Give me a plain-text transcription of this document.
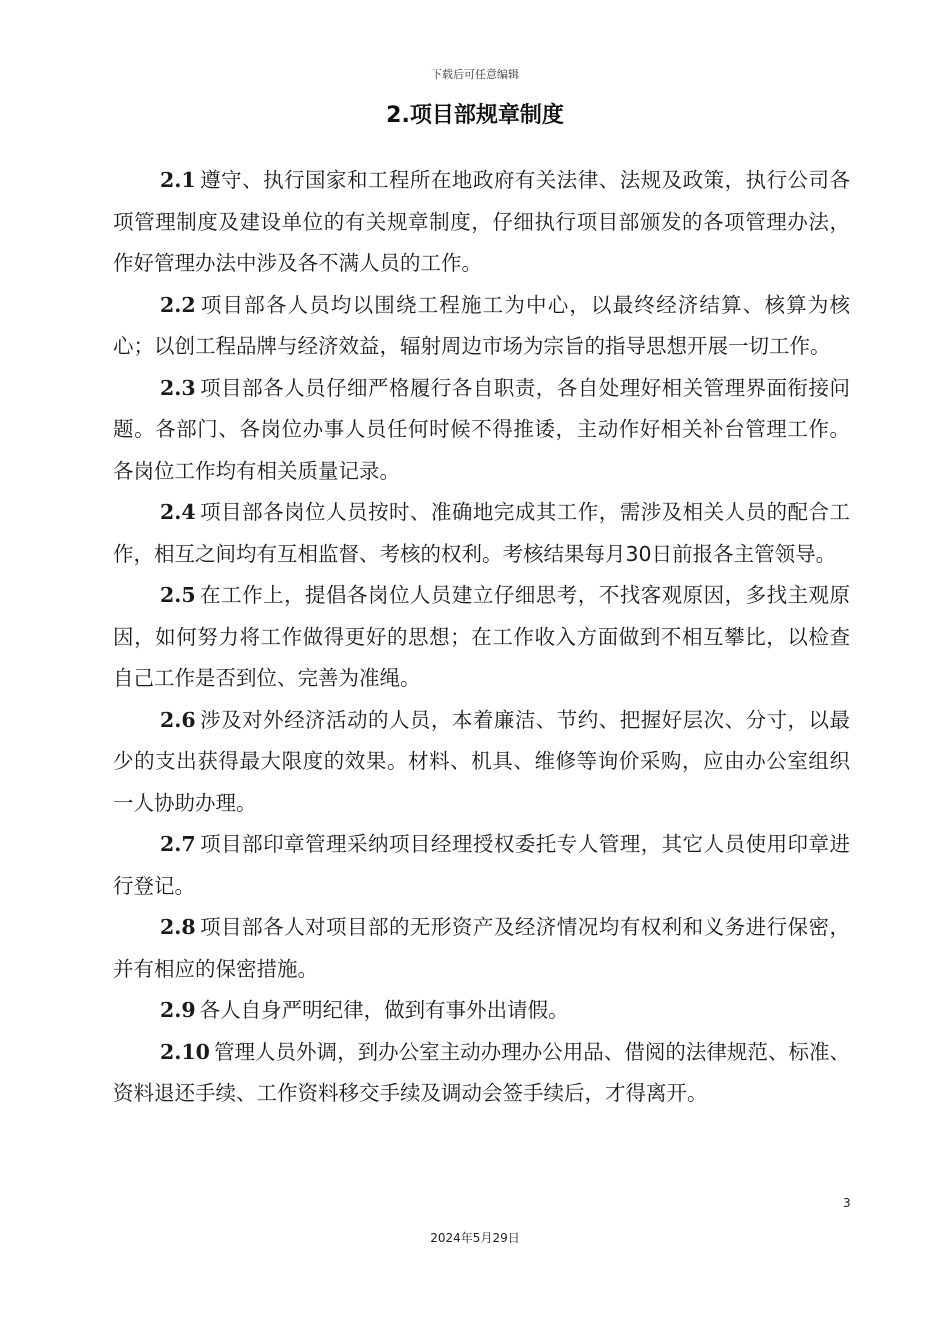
下载后可任意编辑
2.项目部规章制度

2.1 遵守、执行国家和工程所在地政府有关法律、法规及政策，执行公司各项管理制度及建设单位的有关规章制度，仔细执行项目部颁发的各项管理办法，作好管理办法中涉及各不满人员的工作。

2.2 项目部各人员均以围绕工程施工为中心，以最终经济结算、核算为核心；以创工程品牌与经济效益，辐射周边市场为宗旨的指导思想开展一切工作。

2.3 项目部各人员仔细严格履行各自职责，各自处理好相关管理界面衔接问题。各部门、各岗位办事人员任何时候不得推诿，主动作好相关补台管理工作。各岗位工作均有相关质量记录。

2.4 项目部各岗位人员按时、准确地完成其工作，需涉及相关人员的配合工作，相互之间均有互相监督、考核的权利。考核结果每月30日前报各主管领导。

2.5 在工作上，提倡各岗位人员建立仔细思考，不找客观原因，多找主观原因，如何努力将工作做得更好的思想；在工作收入方面做到不相互攀比，以检查自己工作是否到位、完善为准绳。

2.6 涉及对外经济活动的人员，本着廉洁、节约、把握好层次、分寸，以最少的支出获得最大限度的效果。材料、机具、维修等询价采购，应由办公室组织一人协助办理。

2.7 项目部印章管理采纳项目经理授权委托专人管理，其它人员使用印章进行登记。

2.8 项目部各人对项目部的无形资产及经济情况均有权利和义务进行保密，并有相应的保密措施。

2.9 各人自身严明纪律，做到有事外出请假。

2.10 管理人员外调，到办公室主动办理办公用品、借阅的法律规范、标准、资料退还手续、工作资料移交手续及调动会签手续后，才得离开。

3
2024年5月29日
